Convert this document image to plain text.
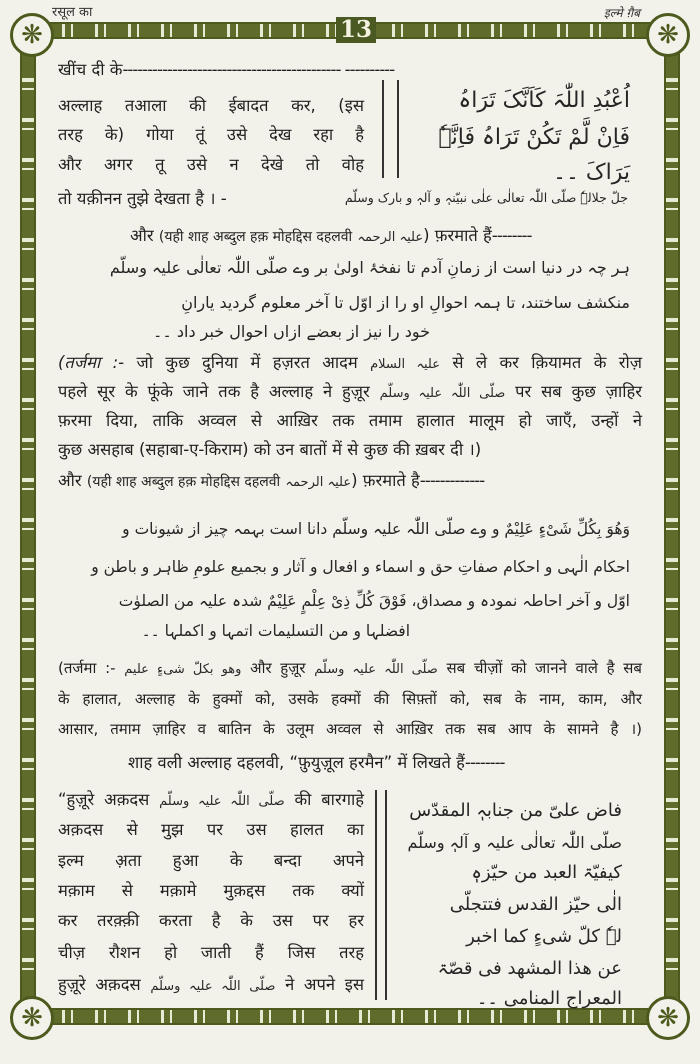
रसूल का	इल्मे ग़ैब
❋	❋
❋	❋
13
खींच दी के-------------------------------------------- ----------
अल्लाह तआला की ईबादत कर, (इस
तरह के) गोया तूं उसे देख रहा है
और अगर तू उसे न देखे तो वोह
तो यक़ीनन तुझे देखता है । -	جلّ جلالہٗ صلّی اللّٰہ تعالٰی علٰی نبیّنہٖ و آلہٖ و بارک وسلّم
اُعْبُدِ اللّٰہَ کَاَنَّکَ تَرَاہُ
فَاِنْ لَّمْ تَکُنْ تَرَاہُ فَاِنَّہٗ
یَرَاکَ ۔۔
और (यही शाह अब्दुल हक़ मोहद्दिस दहलवी علیہ الرحمہ) फ़रमाते हैं--------
ہر چہ در دنیا است از زمانِ آدم تا نفخۂ اولیٰ بر وے صلّی اللّٰہ تعالٰی علیہ وسلّم
منکشف ساختند، تا ہمہ احوالِ او را از اوّل تا آخر معلوم گردید یارانِ
خود را نیز از بعضے ازاں احوال خبر داد ۔۔
(तर्जमा :- जो कुछ दुनिया में हज़रत आदम علیہ السلام से ले कर क़ियामत के रोज़
पहले सूर के फूंके जाने तक है अल्लाह ने हुज़ूर صلّی اللّٰہ علیہ وسلّم पर सब कुछ ज़ाहिर
फ़रमा दिया, ताकि अव्वल से आख़िर तक तमाम हालात मालूम हो जाएँ, उन्हों ने
कुछ असहाब (सहाबा-ए-किराम) को उन बातों में से कुछ की ख़बर दी ।)
और (यही शाह अब्दुल हक़ मोहद्दिस दहलवी علیہ الرحمہ) फ़रमाते है-------------
وَھُوَ بِکُلِّ شَیْءٍ عَلِیْمٌ و وے صلّی اللّٰہ علیہ وسلّم دانا است بہمہ چیز از شیونات و
احکام الٰہی و احکام صفاتِ حق و اسماء و افعال و آثار و بجمیع علومِ ظاہر و باطن و
اوّل و آخر احاطہ نمودہ و مصداق، فَوْقَ کُلِّ ذِیْ عِلْمٍ عَلِیْمٌ شدہ علیہ من الصلوٰت
افضلہا و من التسلیمات اتمہا و اکملہا ۔۔
(तर्जमा :- وھو بکلّ شیءٍ علیم और हुज़ूर صلّی اللّٰہ علیہ وسلّم सब चीज़ों को जानने वाले है सब
के हालात, अल्लाह के हुक्मों को, उसके हक्मों की सिफ़्तों को, सब के नाम, काम, और
आसार, तमाम ज़ाहिर व बातिन के उलूम अव्वल से आख़िर तक सब आप के सामने है ।)
शाह वली अल्लाह दहलवी, “फ़ुयुज़ूल हरमैन” में लिखते हैं--------
“हुज़ूरे अक़दस صلّی اللّٰہ علیہ وسلّم की बारगाहे
अक़दस से मुझ पर उस हालत का
इल्म अ़ता हुआ के बन्दा अपने
मक़ाम से मक़ामे मुक़द्दस तक क्यों
कर तरक़्क़ी करता है के उस पर हर
चीज़ रौशन हो जाती हैं जिस तरह
हुज़ूरे अक़दस صلّی اللّٰہ علیہ وسلّم ने अपने इस
فاض علیّ من جنابہٖ المقدّس
صلّی اللّٰہ تعالٰی علیہ و آلہٖ وسلّم
کیفیّۃ العبد من حیّزہٖ
الٰی حیّز القدس فتتجلّی
لہٗ کلّ شیءٍ کما اخبر
عن ھذا المشھد فی قصّۃ
المعراج المنامی ۔۔
